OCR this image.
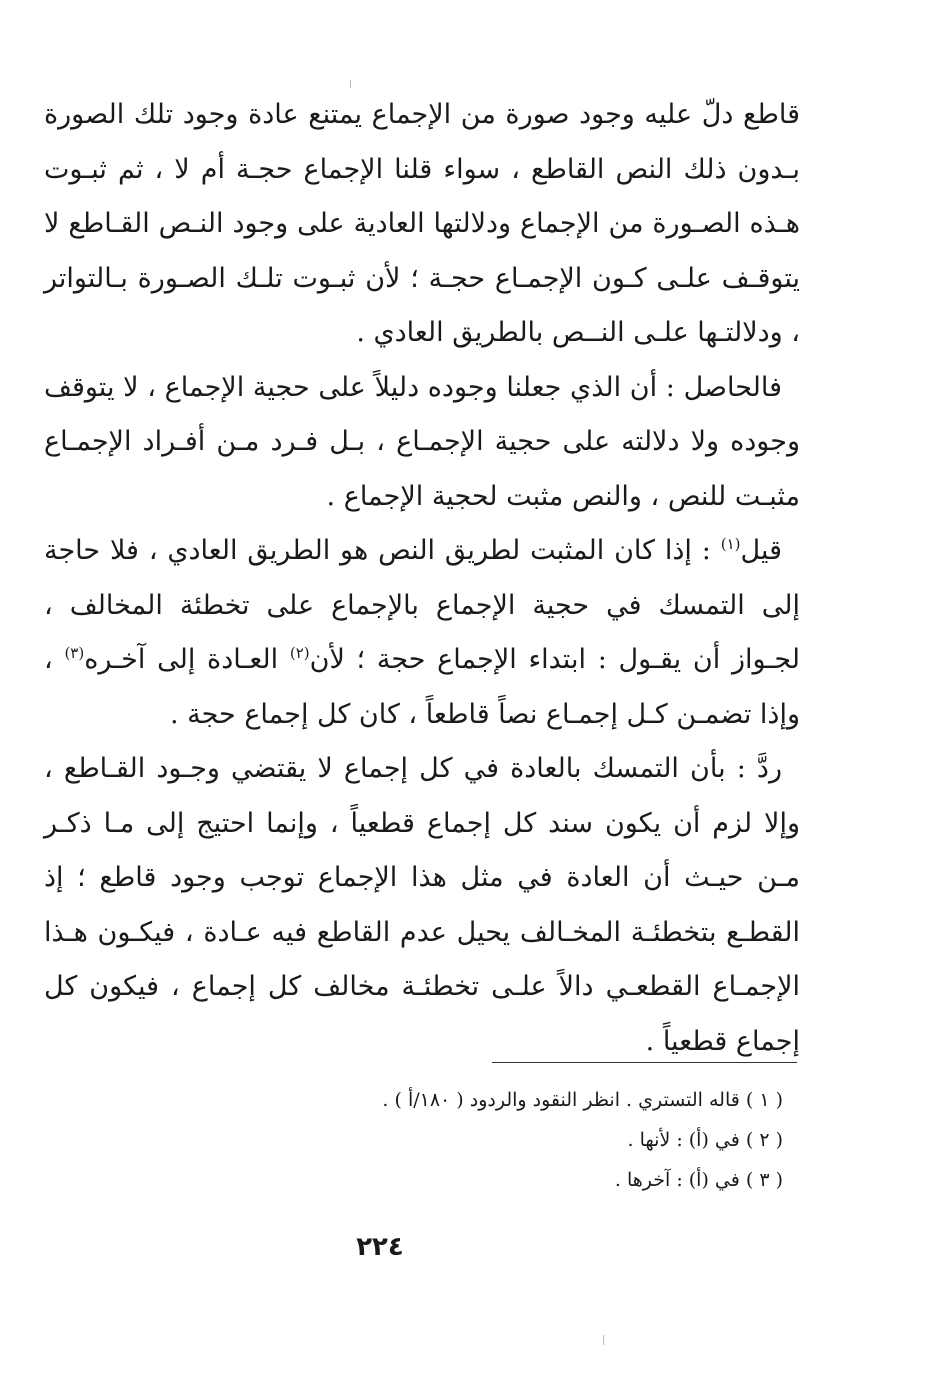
قاطع دلّ عليه وجود صورة من الإجماع يمتنع عادة وجود تلك الصورة بـدون ذلك النص القاطع ، سواء قلنا الإجماع حجـة أم لا ، ثم ثبـوت هـذه الصـورة من الإجماع ودلالتها العادية على وجود النـص القـاطع لا يتوقـف علـى كـون الإجمـاع حجـة ؛ لأن ثبـوت تلـك الصـورة بـالتواتر ، ودلالتـها علـى النــص بالطريق العادي .

فالحاصل : أن الذي جعلنا وجوده دليلاً على حجية الإجماع ، لا يتوقف وجوده ولا دلالته على حجية الإجمـاع ، بـل فـرد مـن أفـراد الإجمـاع مثبـت للنص ، والنص مثبت لحجية الإجماع .

قيل$^{(١)}$ : إذا كان المثبت لطريق النص هو الطريق العادي ، فلا حاجة إلى التمسك في حجية الإجماع بالإجماع على تخطئة المخالف ، لجـواز أن يقـول : ابتداء الإجماع حجة ؛ لأن$^{(٢)}$ العـادة إلى آخـره$^{(٣)}$ ، وإذا تضمـن كـل إجمـاع نصاً قاطعاً ، كان كل إجماع حجة .

ردَّ : بأن التمسك بالعادة في كل إجماع لا يقتضي وجـود القـاطع ، وإلا لزم أن يكون سند كل إجماع قطعياً ، وإنما احتيج إلى مـا ذكـر مـن حيـث أن العادة في مثل هذا الإجماع توجب وجود قاطع ؛ إذ القطـع بتخطئـة المخـالف يحيل عدم القاطع فيه عـادة ، فيكـون هـذا الإجمـاع القطعـي دالاً علـى تخطئـة مخالف كل إجماع ، فيكون كل إجماع قطعياً .

( ١ ) قاله التستري . انظر النقود والردود ( ١٨٠/أ ) .

( ٢ ) في (أ) : لأنها .

( ٣ ) في (أ) : آخرها .

٢٢٤
